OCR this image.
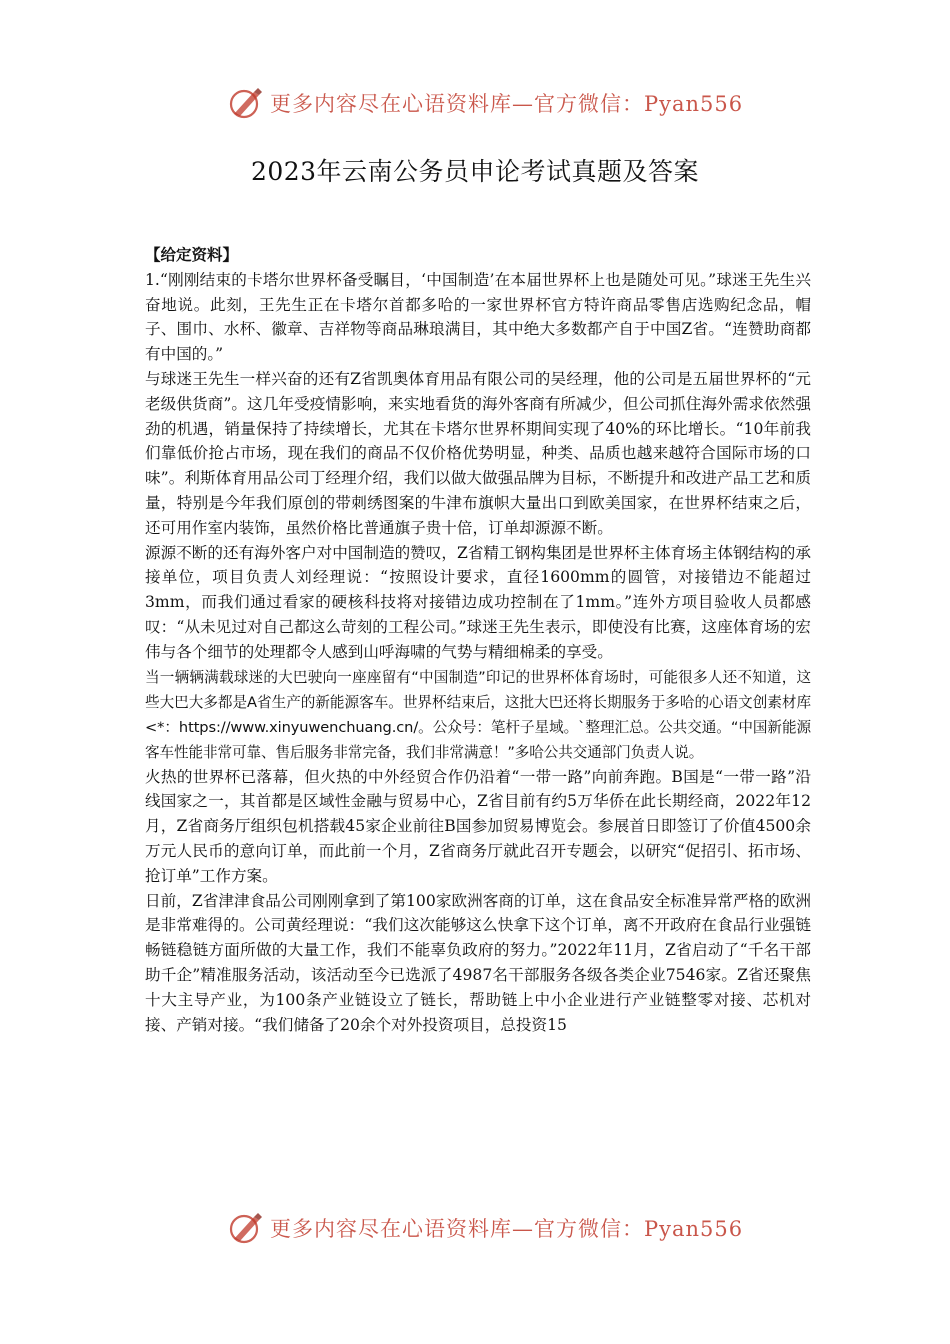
更多内容尽在心语资料库—官方微信：Pyan556
2023年云南公务员申论考试真题及答案
【给定资料】

1.“刚刚结束的卡塔尔世界杯备受瞩目，‘中国制造’在本届世界杯上也是随处可见。”球迷王先生兴奋地说。此刻，王先生正在卡塔尔首都多哈的一家世界杯官方特许商品零售店选购纪念品，帽子、围巾、水杯、徽章、吉祥物等商品琳琅满目，其中绝大多数都产自于中国Z省。“连赞助商都有中国的。”

与球迷王先生一样兴奋的还有Z省凯奥体育用品有限公司的吴经理，他的公司是五届世界杯的“元老级供货商”。这几年受疫情影响，来实地看货的海外客商有所减少，但公司抓住海外需求依然强劲的机遇，销量保持了持续增长，尤其在卡塔尔世界杯期间实现了40%的环比增长。“10年前我们靠低价抢占市场，现在我们的商品不仅价格优势明显，种类、品质也越来越符合国际市场的口味”。利斯体育用品公司丁经理介绍，我们以做大做强品牌为目标，不断提升和改进产品工艺和质量，特别是今年我们原创的带刺绣图案的牛津布旗帜大量出口到欧美国家，在世界杯结束之后，还可用作室内装饰，虽然价格比普通旗子贵十倍，订单却源源不断。

源源不断的还有海外客户对中国制造的赞叹，Z省精工钢构集团是世界杯主体育场主体钢结构的承接单位，项目负责人刘经理说：“按照设计要求，直径1600mm的圆管，对接错边不能超过3mm，而我们通过看家的硬核科技将对接错边成功控制在了1mm。”连外方项目验收人员都感叹：“从未见过对自己都这么苛刻的工程公司。”球迷王先生表示，即使没有比赛，这座体育场的宏伟与各个细节的处理都令人感到山呼海啸的气势与精细棉柔的享受。

当一辆辆满载球迷的大巴驶向一座座留有“中国制造”印记的世界杯体育场时，可能很多人还不知道，这些大巴大多都是A省生产的新能源客车。世界杯结束后，这批大巴还将长期服务于多哈的心语文创素材库<*：https://www.xinyuwenchuang.cn/。公众号：笔杆子星域。`整理汇总。公共交通。“中国新能源客车性能非常可靠、售后服务非常完备，我们非常满意！”多哈公共交通部门负责人说。

火热的世界杯已落幕，但火热的中外经贸合作仍沿着“一带一路”向前奔跑。B国是“一带一路”沿线国家之一，其首都是区域性金融与贸易中心，Z省目前有约5万华侨在此长期经商，2022年12月，Z省商务厅组织包机搭载45家企业前往B国参加贸易博览会。参展首日即签订了价值4500余万元人民币的意向订单，而此前一个月，Z省商务厅就此召开专题会，以研究“促招引、拓市场、抢订单”工作方案。

日前，Z省津津食品公司刚刚拿到了第100家欧洲客商的订单，这在食品安全标准异常严格的欧洲是非常难得的。公司黄经理说：“我们这次能够这么快拿下这个订单，离不开政府在食品行业强链畅链稳链方面所做的大量工作，我们不能辜负政府的努力。”2022年11月，Z省启动了“千名干部助千企”精准服务活动，该活动至今已选派了4987名干部服务各级各类企业7546家。Z省还聚焦十大主导产业，为100条产业链设立了链长，帮助链上中小企业进行产业链整零对接、芯机对接、产销对接。“我们储备了20余个对外投资项目，总投资15

更多内容尽在心语资料库—官方微信：Pyan556
